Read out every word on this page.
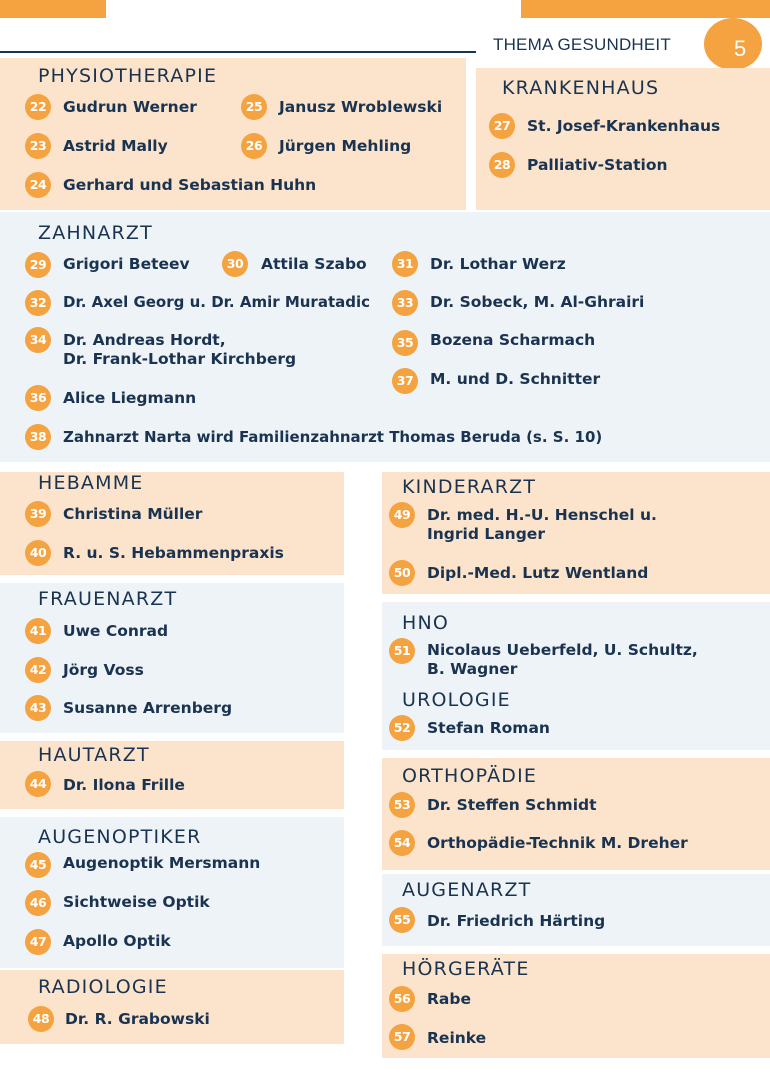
THEMA GESUNDHEIT	5
PHYSIOTHERAPIE
22	Gudrun Werner	25	Janusz Wroblewski
23	Astrid Mally	26	Jürgen Mehling
24	Gerhard und Sebastian Huhn
KRANKENHAUS
27	St. Josef-Krankenhaus
28	Palliativ-Station
ZAHNARZT
29	Grigori Beteev	30	Attila Szabo	31	Dr. Lothar Werz
32	Dr. Axel Georg u. Dr. Amir Muratadic	33	Dr. Sobeck, M. Al-Ghrairi
34	Dr. Andreas Hordt,
Dr. Frank-Lothar Kirchberg
35	Bozena Scharmach
36	Alice Liegmann
37	M. und D. Schnitter
38	Zahnarzt Narta wird Familienzahnarzt Thomas Beruda (s. S. 10)
HEBAMME
39	Christina Müller
40	R. u. S. Hebammenpraxis
FRAUENARZT
41	Uwe Conrad
42	Jörg Voss
43	Susanne Arrenberg
HAUTARZT
44	Dr. Ilona Frille
AUGENOPTIKER
45	Augenoptik Mersmann
46	Sichtweise Optik
47	Apollo Optik
RADIOLOGIE
48	Dr. R. Grabowski
KINDERARZT
49	Dr. med. H.-U. Henschel u.
Ingrid Langer
50	Dipl.-Med. Lutz Wentland
HNO
51	Nicolaus Ueberfeld, U. Schultz,
B. Wagner
UROLOGIE
52	Stefan Roman
ORTHOPÄDIE
53	Dr. Steffen Schmidt
54	Orthopädie-Technik M. Dreher
AUGENARZT
55	Dr. Friedrich Härting
HÖRGERÄTE
56	Rabe
57	Reinke
